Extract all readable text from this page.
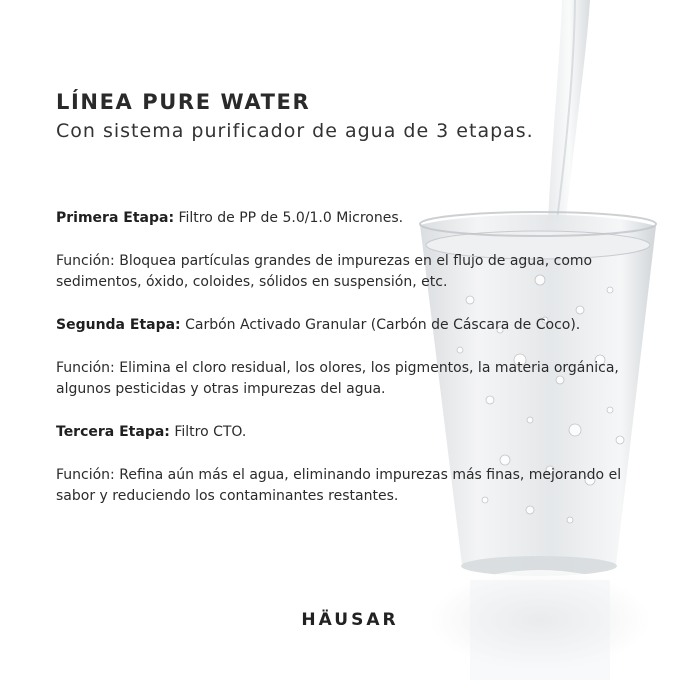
LÍNEA PURE WATER

Con sistema purificador de agua de 3 etapas.

Primera Etapa: Filtro de PP de 5.0/1.0 Micrones.

Función: Bloquea partículas grandes de impurezas en el flujo de agua, como sedimentos, óxido, coloides, sólidos en suspensión, etc.

Segunda Etapa: Carbón Activado Granular (Carbón de Cáscara de Coco).

Función: Elimina el cloro residual, los olores, los pigmentos, la materia orgánica, algunos pesticidas y otras impurezas del agua.

Tercera Etapa: Filtro CTO.

Función: Refina aún más el agua, eliminando impurezas más finas, mejorando el sabor y reduciendo los contaminantes restantes.

HÄUSAR
